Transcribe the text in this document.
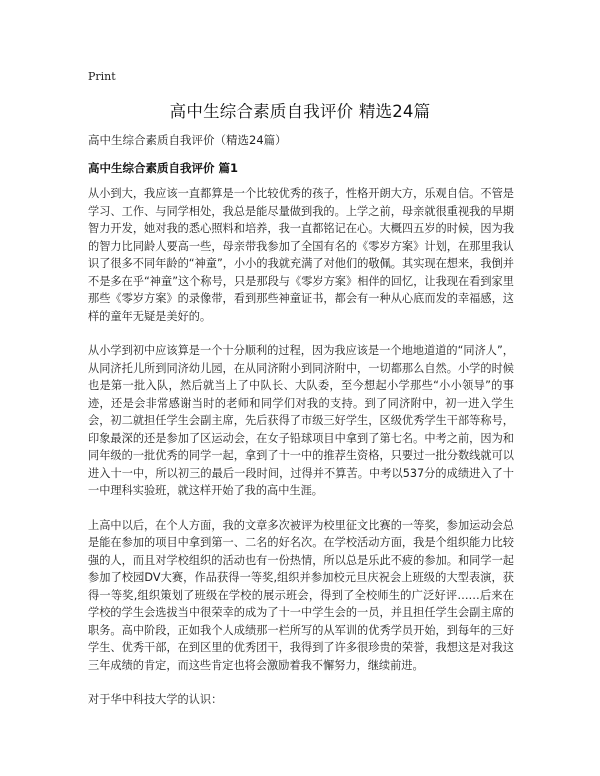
Print
高中生综合素质自我评价 精选24篇

高中生综合素质自我评价（精选24篇）

高中生综合素质自我评价 篇1

从小到大，我应该一直都算是一个比较优秀的孩子，性格开朗大方，乐观自信。不管是学习、工作、与同学相处，我总是能尽量做到我的。上学之前，母亲就很重视我的早期智力开发，她对我的悉心照料和培养，我一直都铭记在心。大概四五岁的时候，因为我的智力比同龄人要高一些，母亲带我参加了全国有名的《零岁方案》计划，在那里我认识了很多不同年龄的“神童”，小小的我就充满了对他们的敬佩。其实现在想来，我倒并不是多在乎“神童”这个称号，只是那段与《零岁方案》相伴的回忆，让我现在看到家里那些《零岁方案》的录像带，看到那些神童证书，都会有一种从心底而发的幸福感，这样的童年无疑是美好的。

从小学到初中应该算是一个十分顺利的过程，因为我应该是一个地地道道的“同济人”，从同济托儿所到同济幼儿园，在从同济附小到同济附中，一切都那么自然。小学的时候也是第一批入队，然后就当上了中队长、大队委，至今想起小学那些“小小领导”的事迹，还是会非常感谢当时的老师和同学们对我的支持。到了同济附中，初一进入学生会，初二就担任学生会副主席，先后获得了市级三好学生，区级优秀学生干部等称号，印象最深的还是参加了区运动会，在女子铅球项目中拿到了第七名。中考之前，因为和同年级的一批优秀的同学一起，拿到了十一中的推荐生资格，只要过一批分数线就可以进入十一中，所以初三的最后一段时间，过得并不算苦。中考以537分的成绩进入了十一中理科实验班，就这样开始了我的高中生涯。

上高中以后，在个人方面，我的文章多次被评为校里征文比赛的一等奖，参加运动会总是能在参加的项目中拿到第一、二名的好名次。在学校活动方面，我是个组织能力比较强的人，而且对学校组织的活动也有一份热情，所以总是乐此不疲的参加。和同学一起参加了校园DV大赛，作品获得一等奖,组织并参加校元旦庆祝会上班级的大型表演，获得一等奖,组织策划了班级在学校的展示班会，得到了全校师生的广泛好评……后来在学校的学生会选拔当中很荣幸的成为了十一中学生会的一员，并且担任学生会副主席的职务。高中阶段，正如我个人成绩那一栏所写的从军训的优秀学员开始，到每年的三好学生、优秀干部，在到区里的优秀团干，我得到了许多很珍贵的荣誉，我想这是对我这三年成绩的肯定，而这些肯定也将会激励着我不懈努力，继续前进。

对于华中科技大学的认识：
